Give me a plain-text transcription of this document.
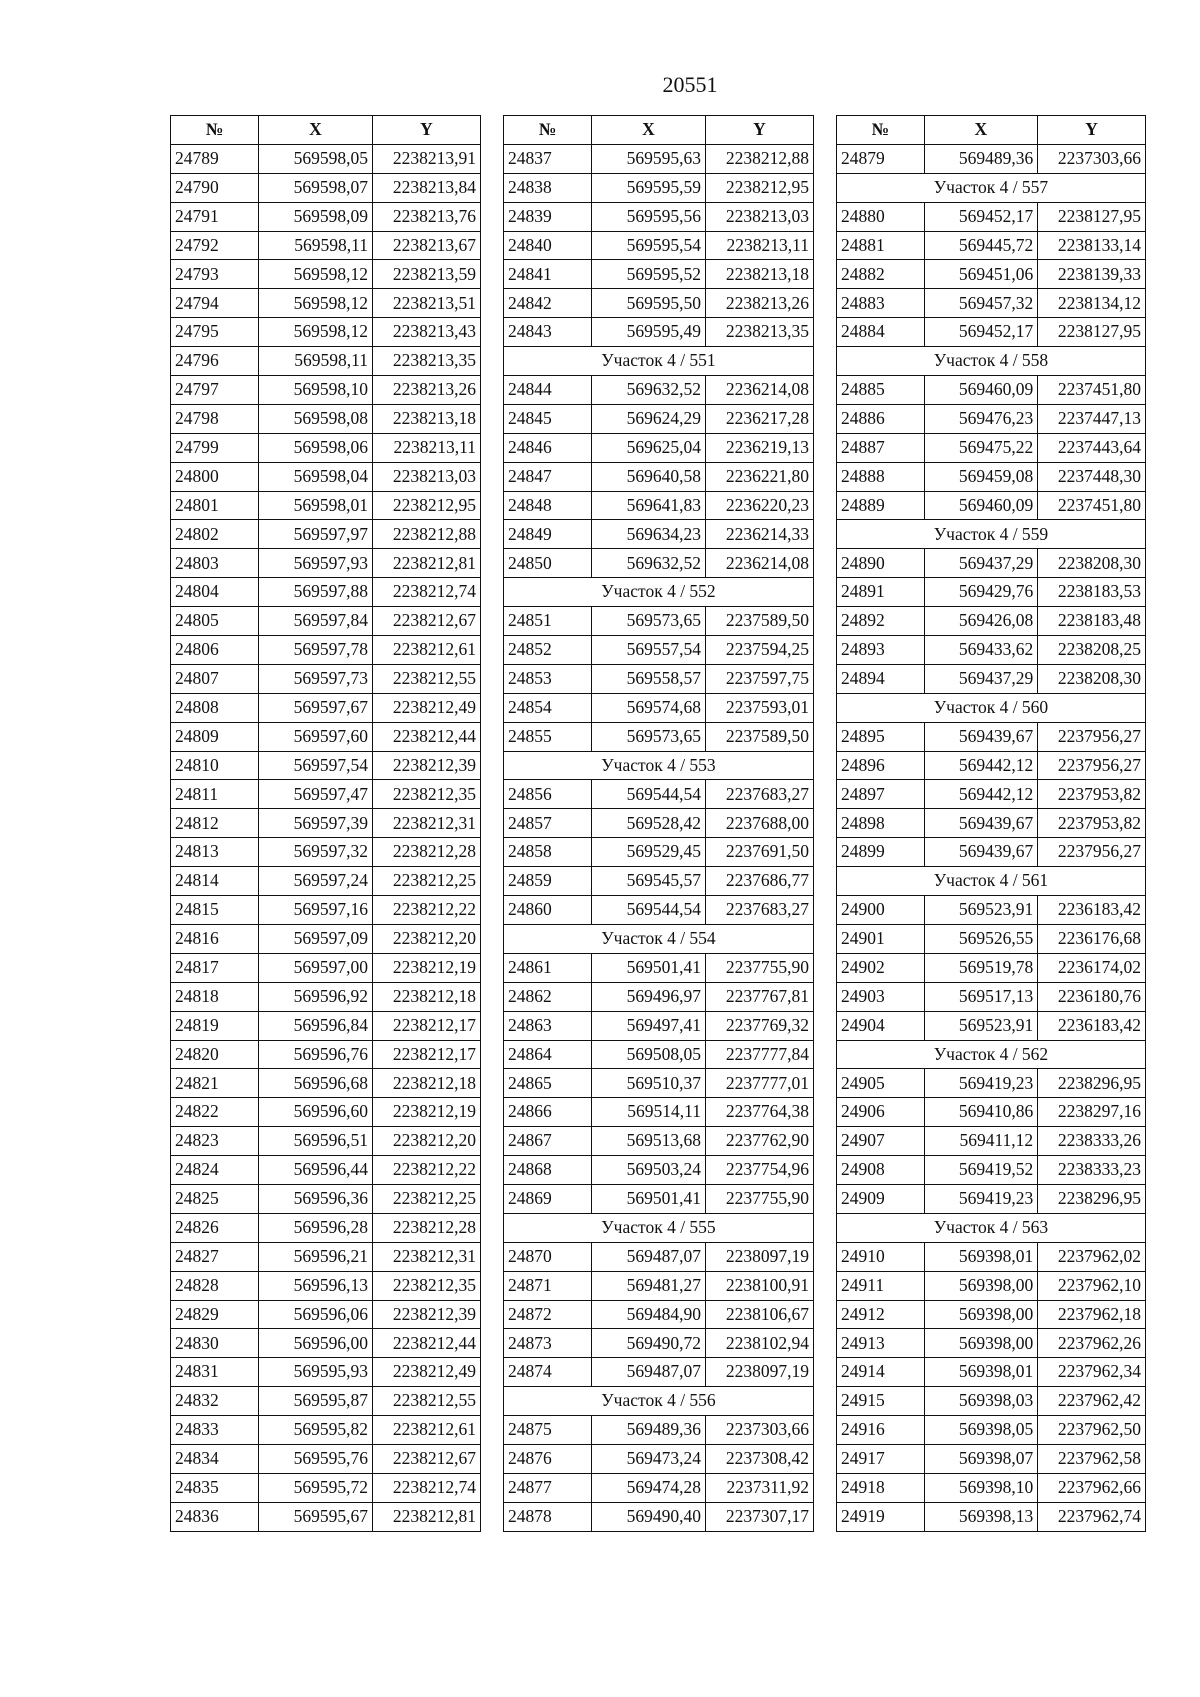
20551
№	X	Y
24789	569598,05	2238213,91
24790	569598,07	2238213,84
24791	569598,09	2238213,76
24792	569598,11	2238213,67
24793	569598,12	2238213,59
24794	569598,12	2238213,51
24795	569598,12	2238213,43
24796	569598,11	2238213,35
24797	569598,10	2238213,26
24798	569598,08	2238213,18
24799	569598,06	2238213,11
24800	569598,04	2238213,03
24801	569598,01	2238212,95
24802	569597,97	2238212,88
24803	569597,93	2238212,81
24804	569597,88	2238212,74
24805	569597,84	2238212,67
24806	569597,78	2238212,61
24807	569597,73	2238212,55
24808	569597,67	2238212,49
24809	569597,60	2238212,44
24810	569597,54	2238212,39
24811	569597,47	2238212,35
24812	569597,39	2238212,31
24813	569597,32	2238212,28
24814	569597,24	2238212,25
24815	569597,16	2238212,22
24816	569597,09	2238212,20
24817	569597,00	2238212,19
24818	569596,92	2238212,18
24819	569596,84	2238212,17
24820	569596,76	2238212,17
24821	569596,68	2238212,18
24822	569596,60	2238212,19
24823	569596,51	2238212,20
24824	569596,44	2238212,22
24825	569596,36	2238212,25
24826	569596,28	2238212,28
24827	569596,21	2238212,31
24828	569596,13	2238212,35
24829	569596,06	2238212,39
24830	569596,00	2238212,44
24831	569595,93	2238212,49
24832	569595,87	2238212,55
24833	569595,82	2238212,61
24834	569595,76	2238212,67
24835	569595,72	2238212,74
24836	569595,67	2238212,81
№	X	Y
24837	569595,63	2238212,88
24838	569595,59	2238212,95
24839	569595,56	2238213,03
24840	569595,54	2238213,11
24841	569595,52	2238213,18
24842	569595,50	2238213,26
24843	569595,49	2238213,35
Участок 4 / 551		
24844	569632,52	2236214,08
24845	569624,29	2236217,28
24846	569625,04	2236219,13
24847	569640,58	2236221,80
24848	569641,83	2236220,23
24849	569634,23	2236214,33
24850	569632,52	2236214,08
Участок 4 / 552		
24851	569573,65	2237589,50
24852	569557,54	2237594,25
24853	569558,57	2237597,75
24854	569574,68	2237593,01
24855	569573,65	2237589,50
Участок 4 / 553		
24856	569544,54	2237683,27
24857	569528,42	2237688,00
24858	569529,45	2237691,50
24859	569545,57	2237686,77
24860	569544,54	2237683,27
Участок 4 / 554		
24861	569501,41	2237755,90
24862	569496,97	2237767,81
24863	569497,41	2237769,32
24864	569508,05	2237777,84
24865	569510,37	2237777,01
24866	569514,11	2237764,38
24867	569513,68	2237762,90
24868	569503,24	2237754,96
24869	569501,41	2237755,90
Участок 4 / 555		
24870	569487,07	2238097,19
24871	569481,27	2238100,91
24872	569484,90	2238106,67
24873	569490,72	2238102,94
24874	569487,07	2238097,19
Участок 4 / 556		
24875	569489,36	2237303,66
24876	569473,24	2237308,42
24877	569474,28	2237311,92
24878	569490,40	2237307,17
№	X	Y
24879	569489,36	2237303,66
Участок 4 / 557		
24880	569452,17	2238127,95
24881	569445,72	2238133,14
24882	569451,06	2238139,33
24883	569457,32	2238134,12
24884	569452,17	2238127,95
Участок 4 / 558		
24885	569460,09	2237451,80
24886	569476,23	2237447,13
24887	569475,22	2237443,64
24888	569459,08	2237448,30
24889	569460,09	2237451,80
Участок 4 / 559		
24890	569437,29	2238208,30
24891	569429,76	2238183,53
24892	569426,08	2238183,48
24893	569433,62	2238208,25
24894	569437,29	2238208,30
Участок 4 / 560		
24895	569439,67	2237956,27
24896	569442,12	2237956,27
24897	569442,12	2237953,82
24898	569439,67	2237953,82
24899	569439,67	2237956,27
Участок 4 / 561		
24900	569523,91	2236183,42
24901	569526,55	2236176,68
24902	569519,78	2236174,02
24903	569517,13	2236180,76
24904	569523,91	2236183,42
Участок 4 / 562		
24905	569419,23	2238296,95
24906	569410,86	2238297,16
24907	569411,12	2238333,26
24908	569419,52	2238333,23
24909	569419,23	2238296,95
Участок 4 / 563		
24910	569398,01	2237962,02
24911	569398,00	2237962,10
24912	569398,00	2237962,18
24913	569398,00	2237962,26
24914	569398,01	2237962,34
24915	569398,03	2237962,42
24916	569398,05	2237962,50
24917	569398,07	2237962,58
24918	569398,10	2237962,66
24919	569398,13	2237962,74
